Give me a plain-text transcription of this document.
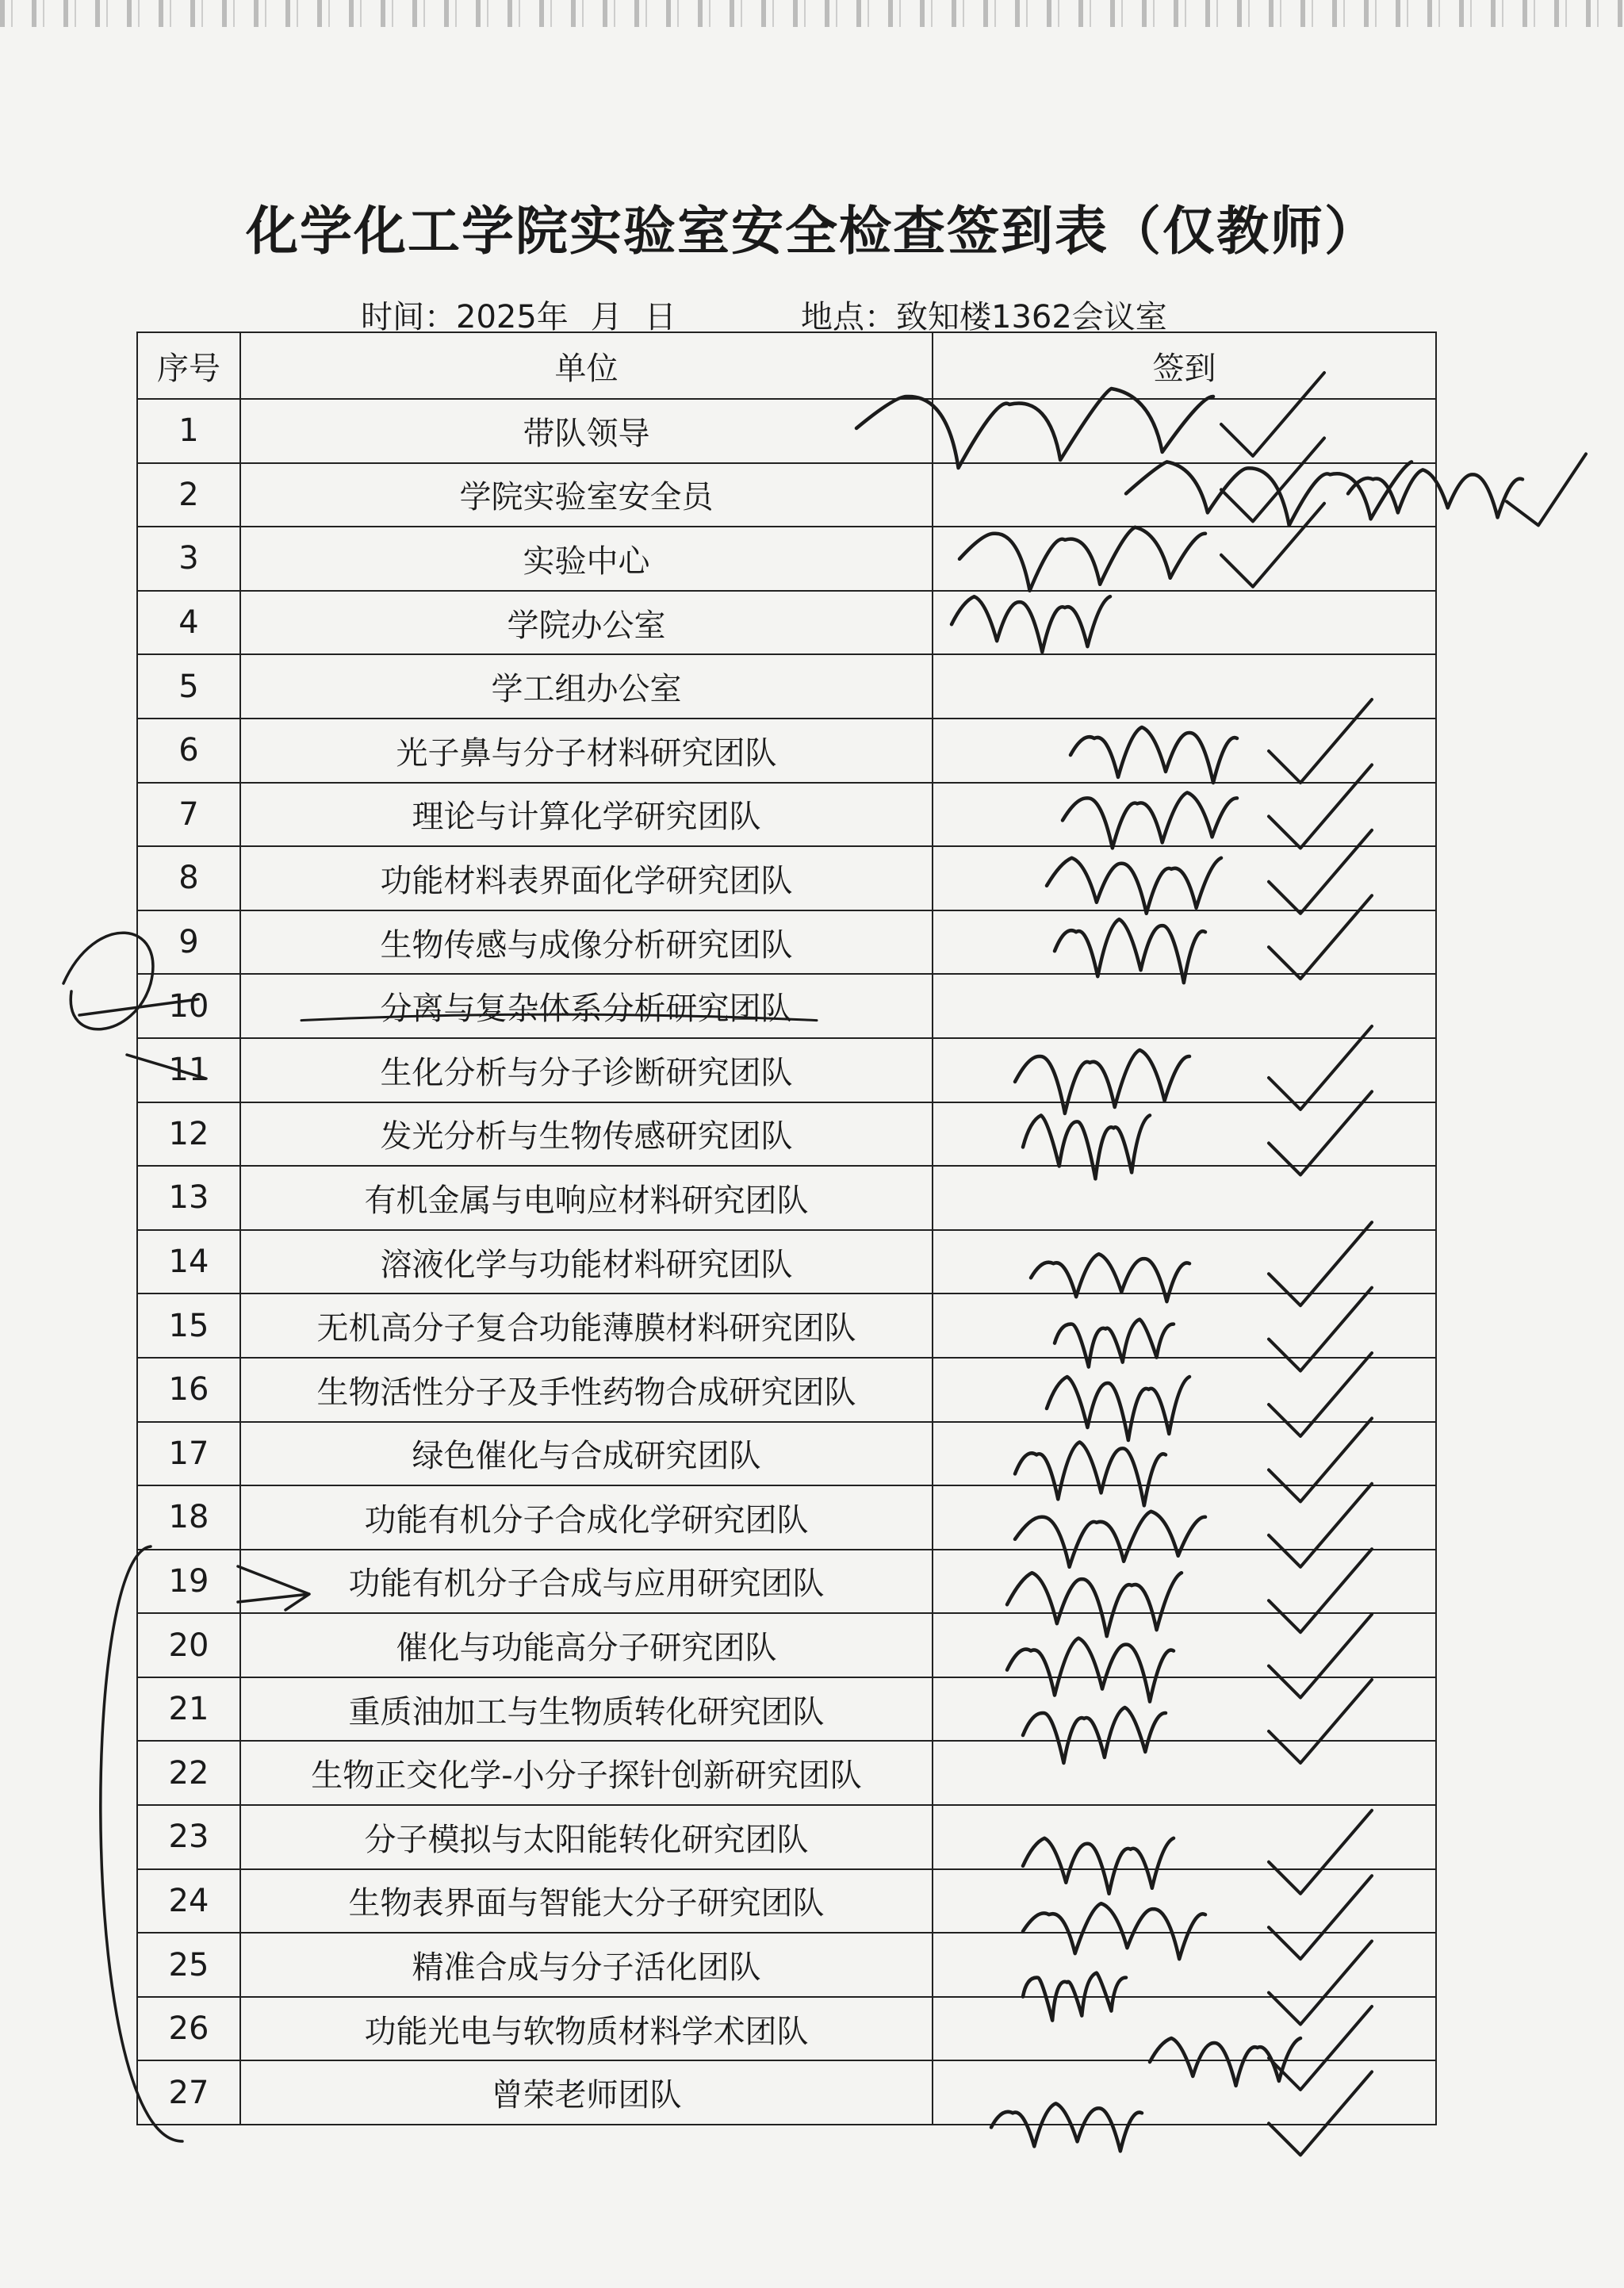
化学化工学院实验室安全检查签到表（仅教师）
时间：2025年 月 日	地点：致知楼1362会议室
序号	单位	签到
1	带队领导	
2	学院实验室安全员	
3	实验中心	
4	学院办公室	
5	学工组办公室	
6	光子鼻与分子材料研究团队	
7	理论与计算化学研究团队	
8	功能材料表界面化学研究团队	
9	生物传感与成像分析研究团队	
10	分离与复杂体系分析研究团队	
11	生化分析与分子诊断研究团队	
12	发光分析与生物传感研究团队	
13	有机金属与电响应材料研究团队	
14	溶液化学与功能材料研究团队	
15	无机高分子复合功能薄膜材料研究团队	
16	生物活性分子及手性药物合成研究团队	
17	绿色催化与合成研究团队	
18	功能有机分子合成化学研究团队	
19	功能有机分子合成与应用研究团队	
20	催化与功能高分子研究团队	
21	重质油加工与生物质转化研究团队	
22	生物正交化学-小分子探针创新研究团队	
23	分子模拟与太阳能转化研究团队	
24	生物表界面与智能大分子研究团队	
25	精准合成与分子活化团队	
26	功能光电与软物质材料学术团队	
27	曾荣老师团队	
